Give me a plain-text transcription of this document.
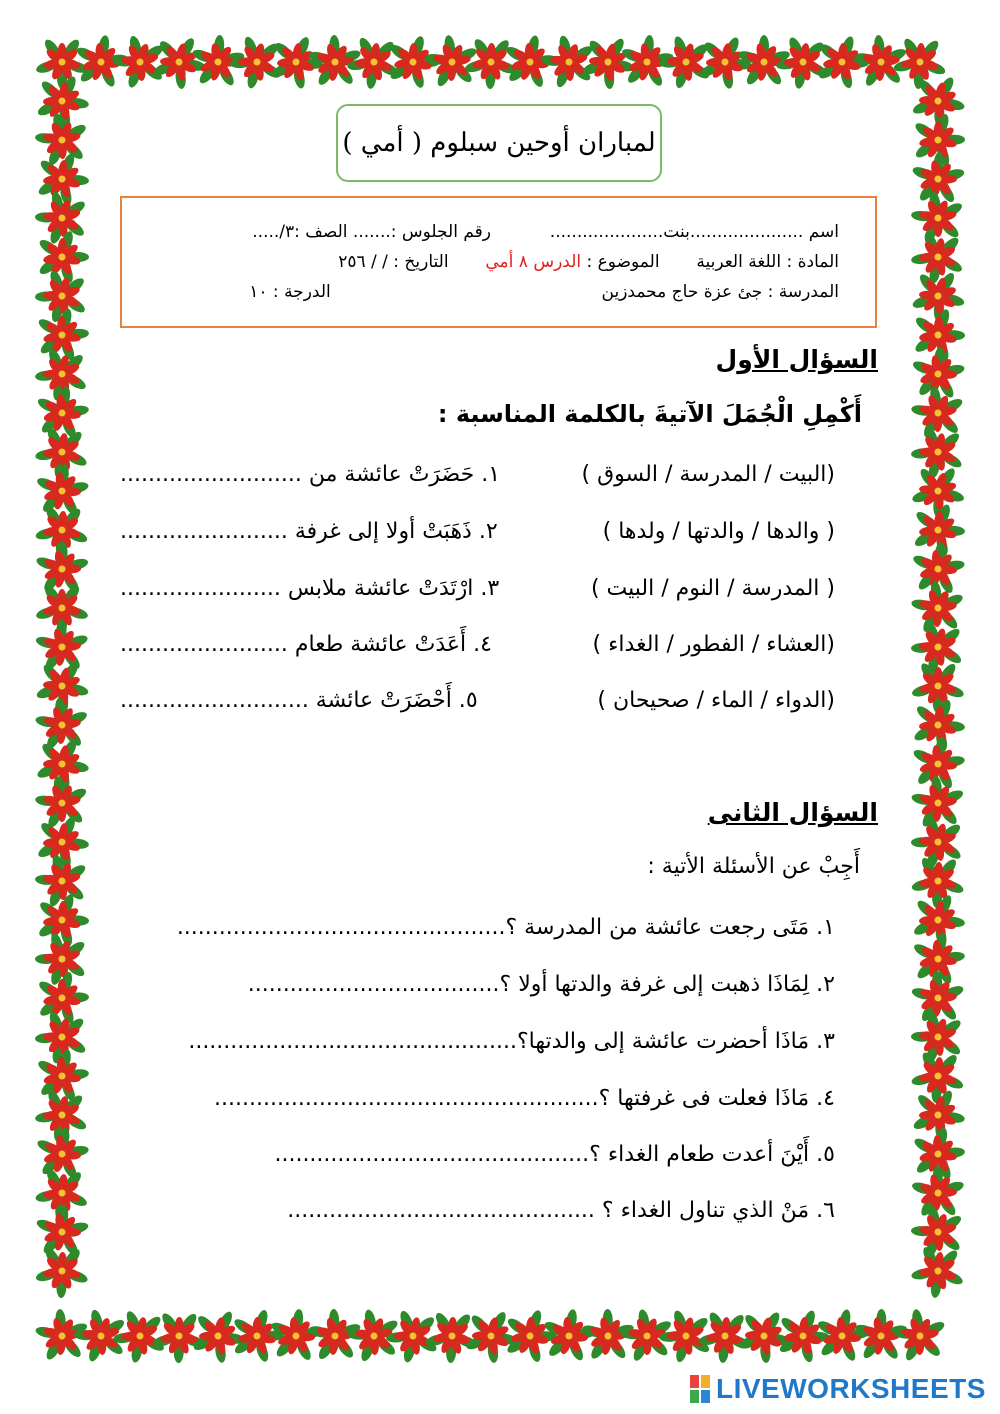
لمباران أوحين سبلوم ( أمي )
اسم .....................بنت.....................  رقم الجلوس :....... الصف :٣/.....
المادة : اللغة العربية  الموضوع : الدرس ٨ أمي  التاريخ : / / ٢٥٦
المدرسة : جئ عزة حاج محمدزين  الدرجة : ١٠
السؤال الأول
أَكْمِلِ الْجُمَلَ الآتيةَ بالكلمة المناسبة :
١. حَضَرَتْ عائشة من ..........................	(البيت / المدرسة / السوق )
٢. ذَهَبَتْ أولا إلى غرفة ........................	( والدها / والدتها / ولدها )
٣. ارْتَدَتْ عائشة ملابس .......................	( المدرسة / النوم / البيت )
٤. أَعَدَتْ عائشة طعام ........................	(العشاء / الفطور / الغداء )
٥. أَحْضَرَتْ عائشة ...........................	(الدواء / الماء / صحيحان )
السؤال الثانى
أَجِبْ عن الأسئلة الأتية :
١. مَتَى رجعت عائشة من المدرسة ؟...............................................
٢. لِمَاذَا ذهبت إلى غرفة والدتها أولا ؟....................................
٣. مَاذَا أحضرت عائشة إلى والدتها؟...............................................
٤. مَاذَا فعلت فى غرفتها ؟.......................................................
٥. أَيْنَ أعدت طعام الغداء ؟.............................................
٦. مَنْ الذي تناول الغداء ؟ ............................................
LIVEWORKSHEETS
